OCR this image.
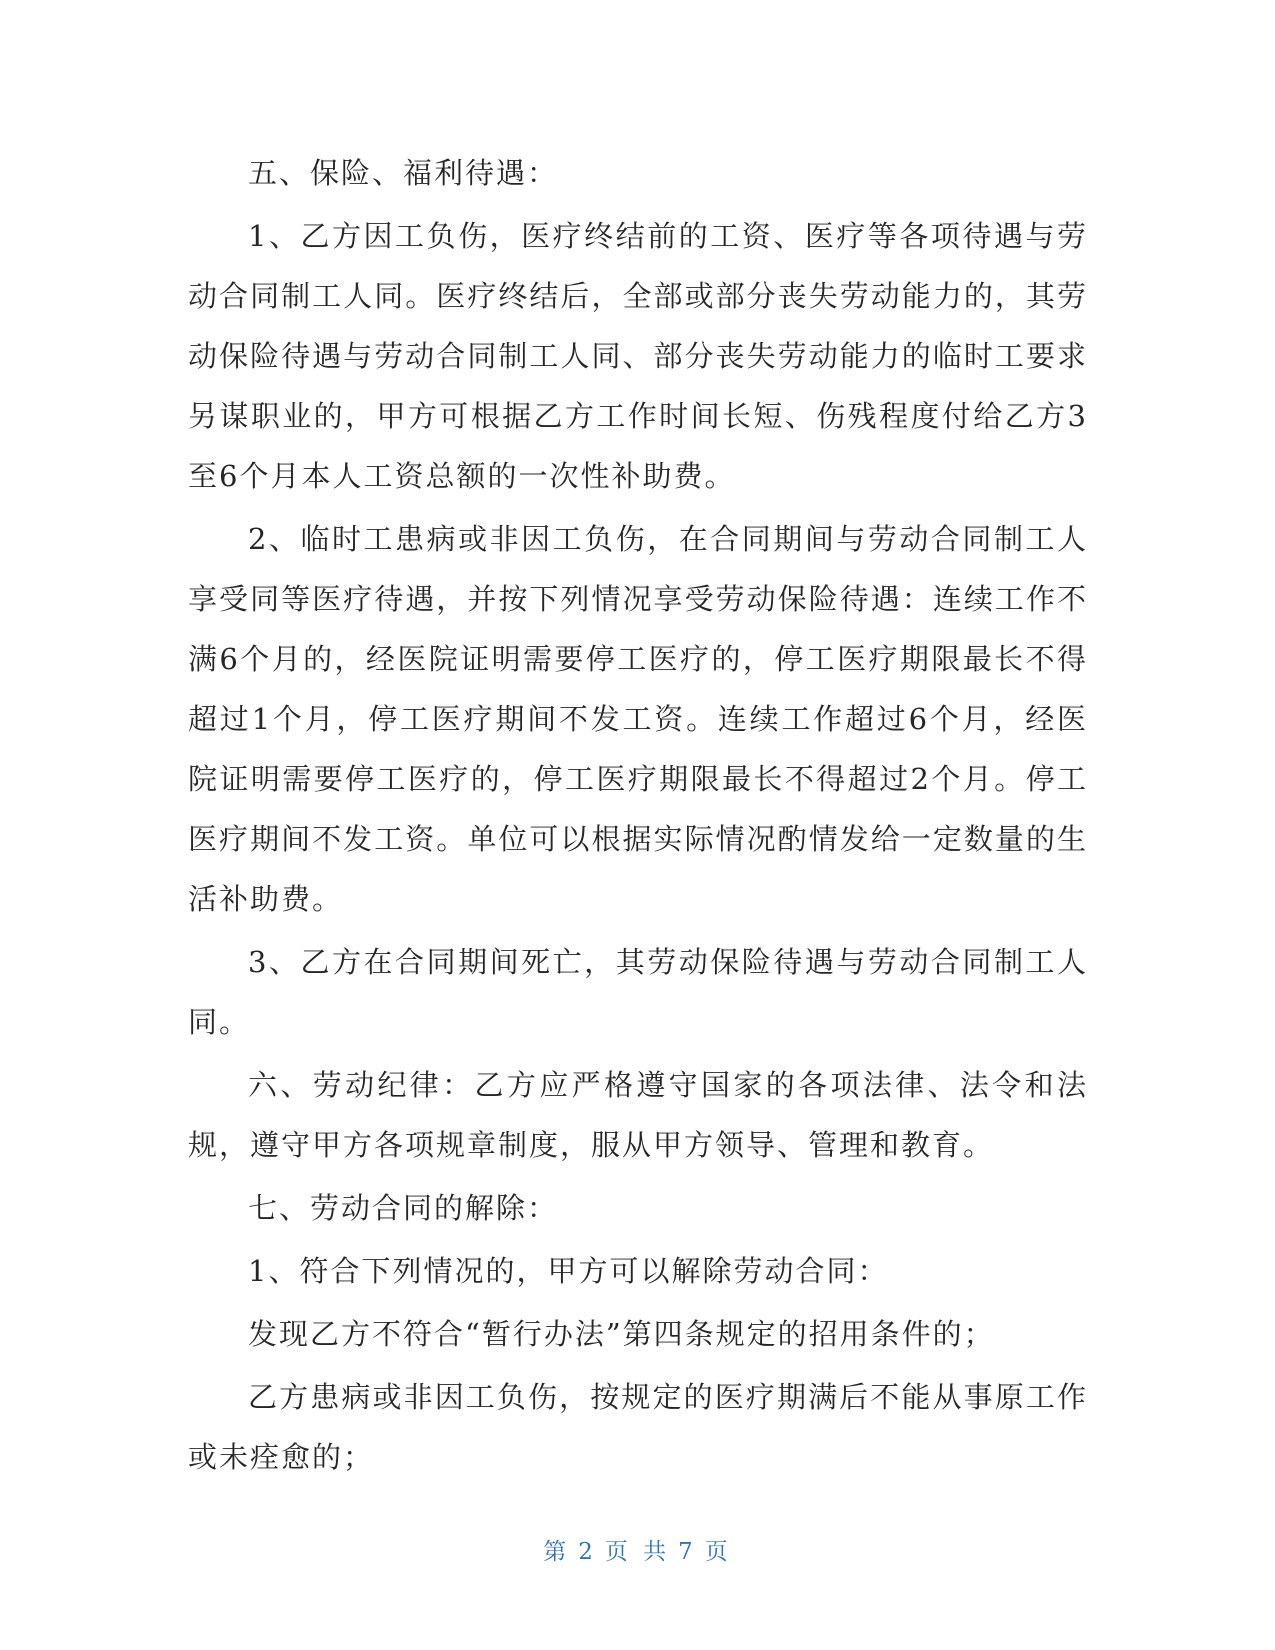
五、保险、福利待遇：

1、乙方因工负伤，医疗终结前的工资、医疗等各项待遇与劳动合同制工人同。医疗终结后，全部或部分丧失劳动能力的，其劳动保险待遇与劳动合同制工人同、部分丧失劳动能力的临时工要求另谋职业的，甲方可根据乙方工作时间长短、伤残程度付给乙方3至6个月本人工资总额的一次性补助费。

2、临时工患病或非因工负伤，在合同期间与劳动合同制工人享受同等医疗待遇，并按下列情况享受劳动保险待遇：连续工作不满6个月的，经医院证明需要停工医疗的，停工医疗期限最长不得超过1个月，停工医疗期间不发工资。连续工作超过6个月，经医院证明需要停工医疗的，停工医疗期限最长不得超过2个月。停工医疗期间不发工资。单位可以根据实际情况酌情发给一定数量的生活补助费。

3、乙方在合同期间死亡，其劳动保险待遇与劳动合同制工人同。

六、劳动纪律：乙方应严格遵守国家的各项法律、法令和法规，遵守甲方各项规章制度，服从甲方领导、管理和教育。

七、劳动合同的解除：

1、符合下列情况的，甲方可以解除劳动合同：

发现乙方不符合“暂行办法”第四条规定的招用条件的；

乙方患病或非因工负伤，按规定的医疗期满后不能从事原工作或未痊愈的；

第 2 页 共 7 页
